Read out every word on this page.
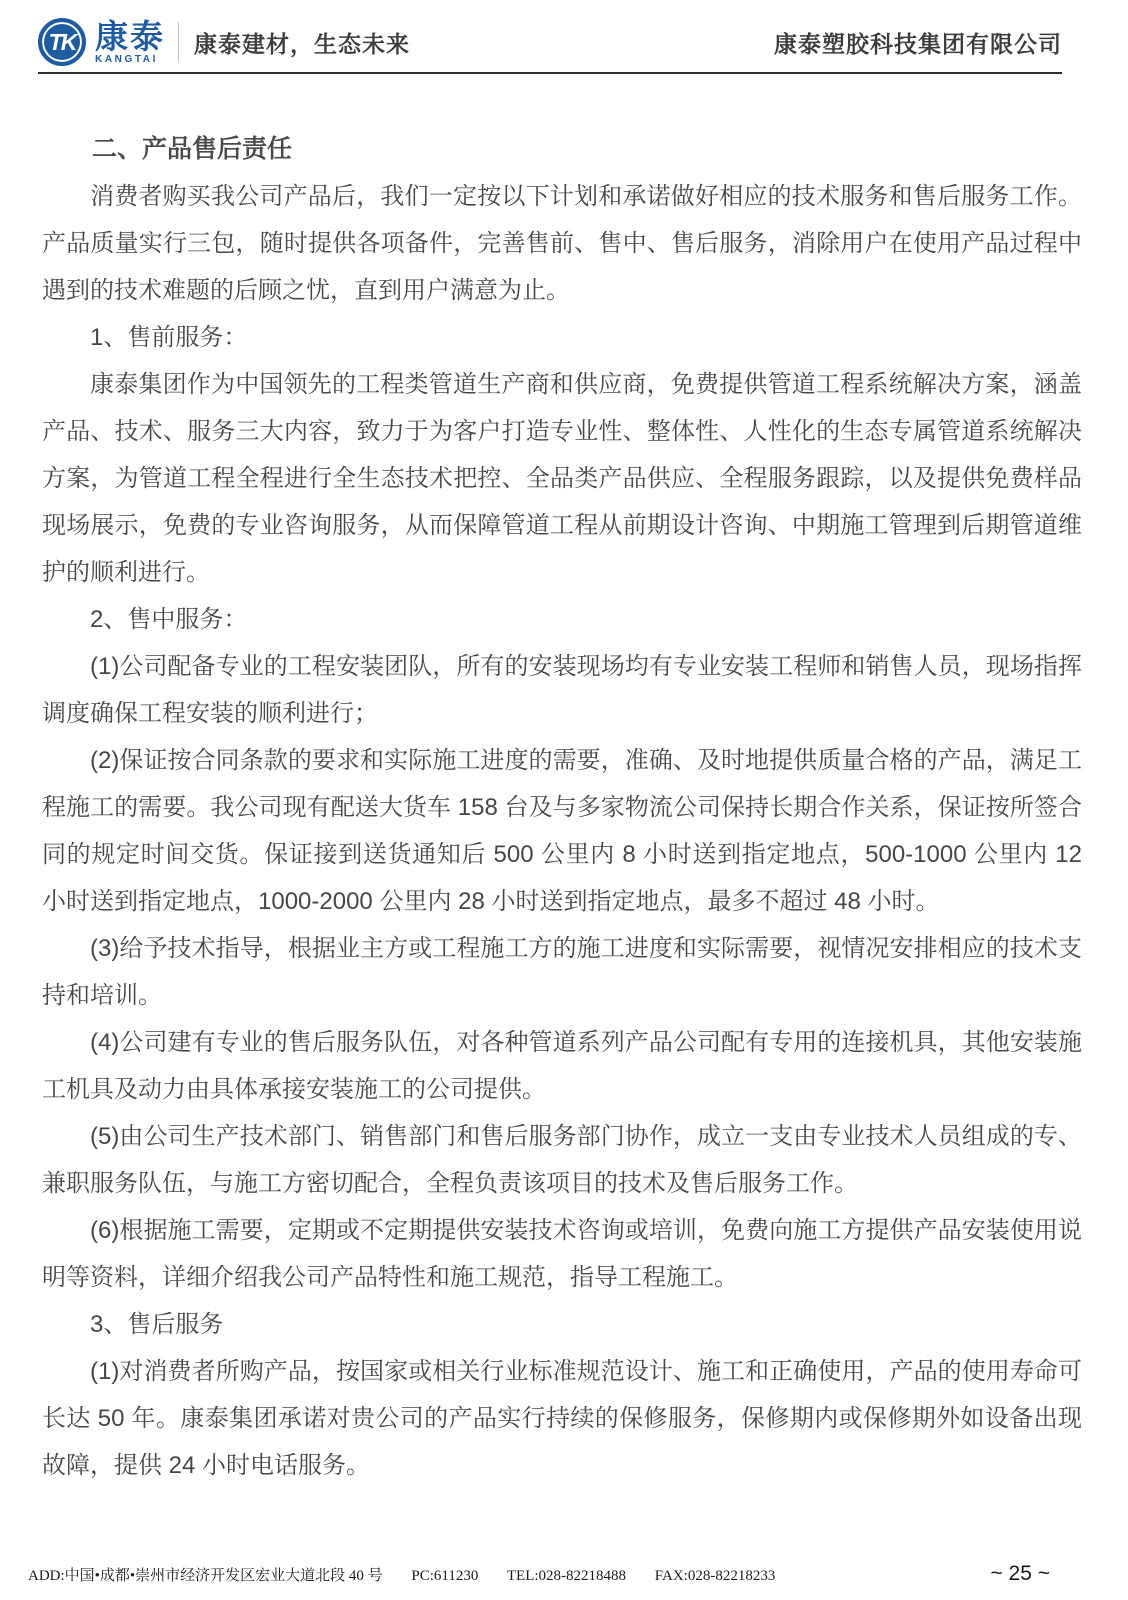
TK 康泰
KANGTAI
康泰建材，生态未来	康泰塑胶科技集团有限公司

二、产品售后责任

消费者购买我公司产品后，我们一定按以下计划和承诺做好相应的技术服务和售后服务工作。产品质量实行三包，随时提供各项备件，完善售前、售中、售后服务，消除用户在使用产品过程中遇到的技术难题的后顾之忧，直到用户满意为止。

1、售前服务：

康泰集团作为中国领先的工程类管道生产商和供应商，免费提供管道工程系统解决方案，涵盖产品、技术、服务三大内容，致力于为客户打造专业性、整体性、人性化的生态专属管道系统解决方案，为管道工程全程进行全生态技术把控、全品类产品供应、全程服务跟踪，以及提供免费样品现场展示，免费的专业咨询服务，从而保障管道工程从前期设计咨询、中期施工管理到后期管道维护的顺利进行。

2、售中服务：

(1)公司配备专业的工程安装团队，所有的安装现场均有专业安装工程师和销售人员，现场指挥调度确保工程安装的顺利进行；

(2)保证按合同条款的要求和实际施工进度的需要，准确、及时地提供质量合格的产品，满足工程施工的需要。我公司现有配送大货车 158 台及与多家物流公司保持长期合作关系，保证按所签合同的规定时间交货。保证接到送货通知后 500 公里内 8 小时送到指定地点，500-1000 公里内 12 小时送到指定地点，1000-2000 公里内 28 小时送到指定地点，最多不超过 48 小时。

(3)给予技术指导，根据业主方或工程施工方的施工进度和实际需要，视情况安排相应的技术支持和培训。

(4)公司建有专业的售后服务队伍，对各种管道系列产品公司配有专用的连接机具，其他安装施工机具及动力由具体承接安装施工的公司提供。

(5)由公司生产技术部门、销售部门和售后服务部门协作，成立一支由专业技术人员组成的专、兼职服务队伍，与施工方密切配合，全程负责该项目的技术及售后服务工作。

(6)根据施工需要，定期或不定期提供安装技术咨询或培训，免费向施工方提供产品安装使用说明等资料，详细介绍我公司产品特性和施工规范，指导工程施工。

3、售后服务

(1)对消费者所购产品，按国家或相关行业标准规范设计、施工和正确使用，产品的使用寿命可长达 50 年。康泰集团承诺对贵公司的产品实行持续的保修服务，保修期内或保修期外如设备出现故障，提供 24 小时电话服务。

ADD:中国•成都•崇州市经济开发区宏业大道北段 40 号 PC:611230 TEL:028-82218488 FAX:028-82218233	~ 25 ~
